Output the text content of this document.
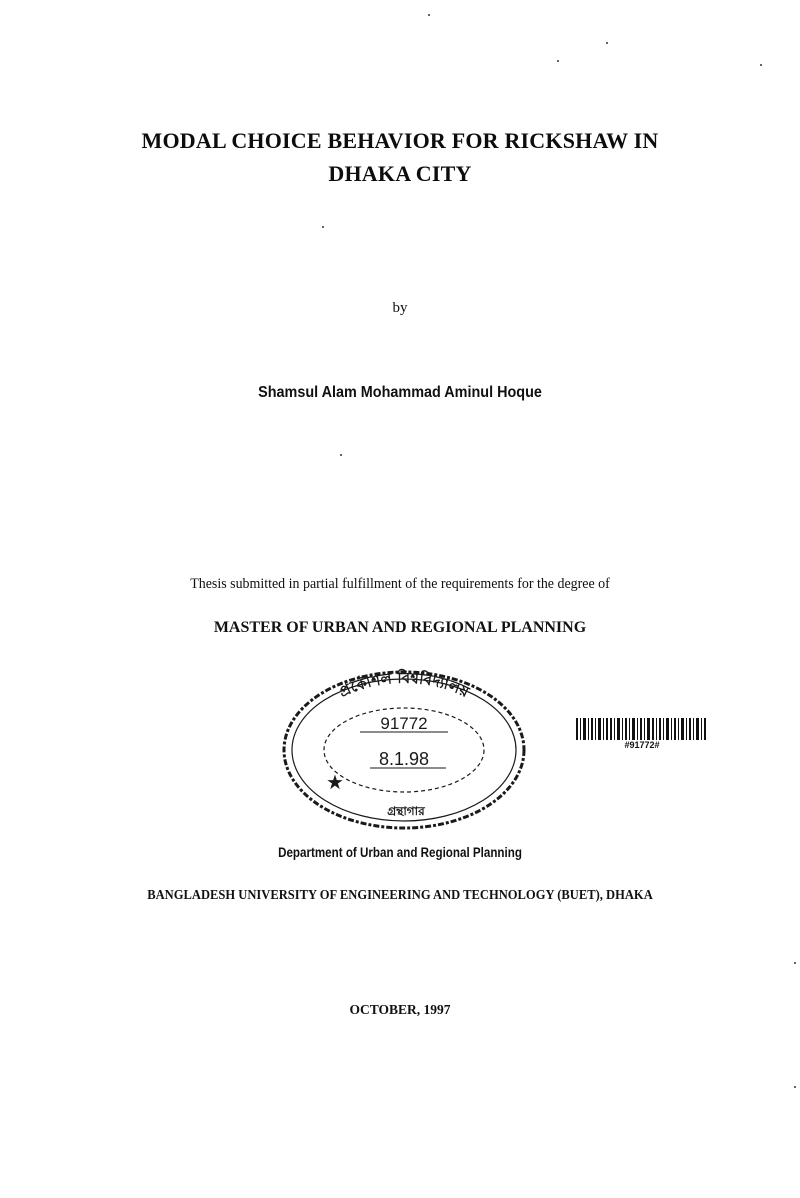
MODAL CHOICE BEHAVIOR FOR RICKSHAW IN
DHAKA CITY

by

Shamsul Alam Mohammad Aminul Hoque

Thesis submitted in partial fulfillment of the requirements for the degree of

MASTER OF URBAN AND REGIONAL PLANNING

প্রকৌশল বিশ্ববিদ্যালয়
91772
8.1.98
★
গ্রন্থাগার

#91772#

Department of Urban and Regional Planning

BANGLADESH UNIVERSITY OF ENGINEERING AND TECHNOLOGY (BUET), DHAKA

OCTOBER, 1997
